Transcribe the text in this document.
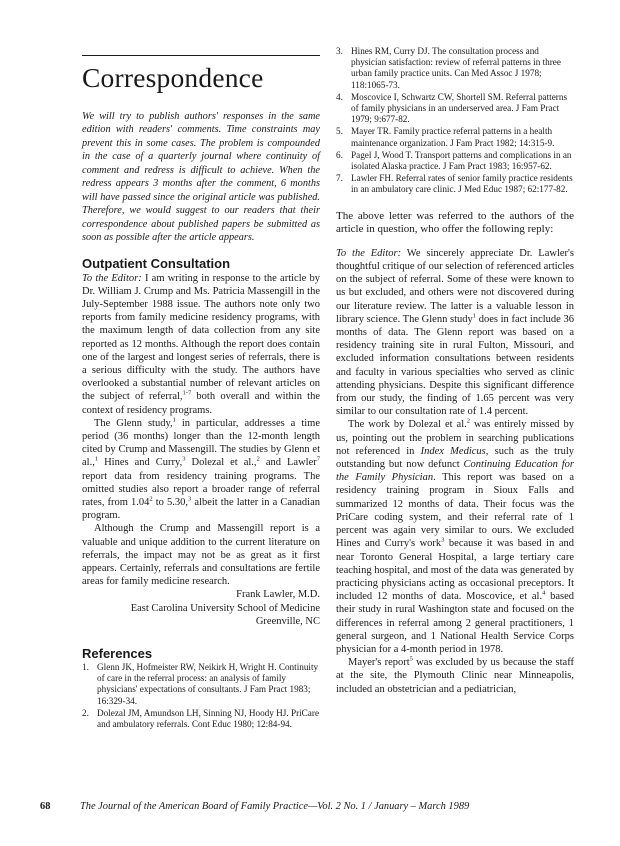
Correspondence

We will try to publish authors' responses in the same edition with readers' comments. Time constraints may prevent this in some cases. The problem is compounded in the case of a quarterly journal where continuity of comment and redress is difficult to achieve. When the redress appears 3 months after the comment, 6 months will have passed since the original article was published. Therefore, we would suggest to our readers that their correspondence about published papers be submitted as soon as possible after the article appears.

Outpatient Consultation

To the Editor: I am writing in response to the article by Dr. William J. Crump and Ms. Patricia Massengill in the July-September 1988 issue. The authors note only two reports from family medicine residency programs, with the maximum length of data collection from any site reported as 12 months. Although the report does contain one of the largest and longest series of referrals, there is a serious difficulty with the study. The authors have overlooked a substantial number of relevant articles on the subject of referral,$^{1-7}$ both overall and within the context of residency programs.

The Glenn study,$^1$ in particular, addresses a time period (36 months) longer than the 12-month length cited by Crump and Massengill. The studies by Glenn et al.,$^1$ Hines and Curry,$^3$ Dolezal et al.,$^2$ and Lawler$^7$ report data from residency training programs. The omitted studies also report a broader range of referral rates, from 1.04$^2$ to 5.30,$^3$ albeit the latter in a Canadian program.

Although the Crump and Massengill report is a valuable and unique addition to the current literature on referrals, the impact may not be as great as it first appears. Certainly, referrals and consultations are fertile areas for family medicine research.

Frank Lawler, M.D.
East Carolina University School of Medicine
Greenville, NC
References
1. Glenn JK, Hofmeister RW, Neikirk H, Wright H. Continuity of care in the referral process: an analysis of family physicians' expectations of consultants. J Fam Pract 1983; 16:329-34.
2. Dolezal JM, Amundson LH, Sinning NJ, Hoody HJ. PriCare and ambulatory referrals. Cont Educ 1980; 12:84-94.
3. Hines RM, Curry DJ. The consultation process and physician satisfaction: review of referral patterns in three urban family practice units. Can Med Assoc J 1978; 118:1065-73.
4. Moscovice I, Schwartz CW, Shortell SM. Referral patterns of family physicians in an underserved area. J Fam Pract 1979; 9:677-82.
5. Mayer TR. Family practice referral patterns in a health maintenance organization. J Fam Pract 1982; 14:315-9.
6. Pagel J, Wood T. Transport patterns and complications in an isolated Alaska practice. J Fam Pract 1983; 16:957-62.
7. Lawler FH. Referral rates of senior family practice residents in an ambulatory care clinic. J Med Educ 1987; 62:177-82.

The above letter was referred to the authors of the article in question, who offer the following reply:

To the Editor: We sincerely appreciate Dr. Lawler's thoughtful critique of our selection of referenced articles on the subject of referral. Some of these were known to us but excluded, and others were not discovered during our literature review. The latter is a valuable lesson in library science. The Glenn study$^1$ does in fact include 36 months of data. The Glenn report was based on a residency training site in rural Fulton, Missouri, and excluded information consultations between residents and faculty in various specialties who served as clinic attending physicians. Despite this significant difference from our study, the finding of 1.65 percent was very similar to our consultation rate of 1.4 percent.

The work by Dolezal et al.$^2$ was entirely missed by us, pointing out the problem in searching publications not referenced in Index Medicus, such as the truly outstanding but now defunct Continuing Education for the Family Physician. This report was based on a residency training program in Sioux Falls and summarized 12 months of data. Their focus was the PriCare coding system, and their referral rate of 1 percent was again very similar to ours. We excluded Hines and Curry's work$^3$ because it was based in and near Toronto General Hospital, a large tertiary care teaching hospital, and most of the data was generated by practicing physicians acting as occasional preceptors. It included 12 months of data. Moscovice, et al.$^4$ based their study in rural Washington state and focused on the differences in referral among 2 general practitioners, 1 general surgeon, and 1 National Health Service Corps physician for a 4-month period in 1978.

Mayer's report$^5$ was excluded by us because the staff at the site, the Plymouth Clinic near Minneapolis, included an obstetrician and a pediatrician,

68	The Journal of the American Board of Family Practice—Vol. 2 No. 1 / January – March 1989
